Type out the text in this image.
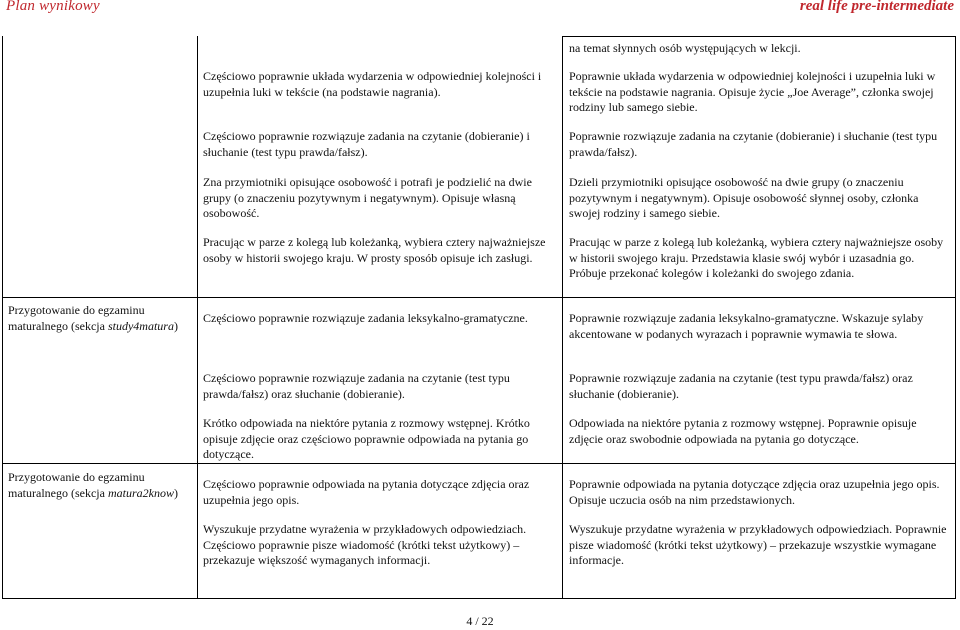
Plan wynikowy	real life pre-intermediate

na temat słynnych osób występujących w lekcji.

Częściowo poprawnie układa wydarzenia w odpowiedniej kolejności i uzupełnia luki w tekście (na podstawie nagrania).

Poprawnie układa wydarzenia w odpowiedniej kolejności i uzupełnia luki w tekście na podstawie nagrania. Opisuje życie „Joe Average”, członka swojej rodziny lub samego siebie.

Częściowo poprawnie rozwiązuje zadania na czytanie (dobieranie) i słuchanie (test typu prawda/fałsz).

Poprawnie rozwiązuje zadania na czytanie (dobieranie) i słuchanie (test typu prawda/fałsz).

Zna przymiotniki opisujące osobowość i potrafi je podzielić na dwie grupy (o znaczeniu pozytywnym i negatywnym). Opisuje własną osobowość.

Dzieli przymiotniki opisujące osobowość na dwie grupy (o znaczeniu pozytywnym i negatywnym). Opisuje osobowość słynnej osoby, członka swojej rodziny i samego siebie.

Pracując w parze z kolegą lub koleżanką, wybiera cztery najważniejsze osoby w historii swojego kraju. W prosty sposób opisuje ich zasługi.

Pracując w parze z kolegą lub koleżanką, wybiera cztery najważniejsze osoby w historii swojego kraju. Przedstawia klasie swój wybór i uzasadnia go. Próbuje przekonać kolegów i koleżanki do swojego zdania.

Przygotowanie do egzaminu maturalnego (sekcja study4matura)

Częściowo poprawnie rozwiązuje zadania leksykalno-gramatyczne.	Poprawnie rozwiązuje zadania leksykalno-gramatyczne. Wskazuje sylaby akcentowane w podanych wyrazach i poprawnie wymawia te słowa.

Częściowo poprawnie rozwiązuje zadania na czytanie (test typu prawda/fałsz) oraz słuchanie (dobieranie).

Poprawnie rozwiązuje zadania na czytanie (test typu prawda/fałsz) oraz słuchanie (dobieranie).

Krótko odpowiada na niektóre pytania z rozmowy wstępnej. Krótko opisuje zdjęcie oraz częściowo poprawnie odpowiada na pytania go dotyczące.

Odpowiada na niektóre pytania z rozmowy wstępnej. Poprawnie opisuje zdjęcie oraz swobodnie odpowiada na pytania go dotyczące.

Przygotowanie do egzaminu maturalnego (sekcja matura2know)

Częściowo poprawnie odpowiada na pytania dotyczące zdjęcia oraz uzupełnia jego opis.

Poprawnie odpowiada na pytania dotyczące zdjęcia oraz uzupełnia jego opis. Opisuje uczucia osób na nim przedstawionych.

Wyszukuje przydatne wyrażenia w przykładowych odpowiedziach. Częściowo poprawnie pisze wiadomość (krótki tekst użytkowy) – przekazuje większość wymaganych informacji.

Wyszukuje przydatne wyrażenia w przykładowych odpowiedziach. Poprawnie pisze wiadomość (krótki tekst użytkowy) – przekazuje wszystkie wymagane informacje.

4 / 22
